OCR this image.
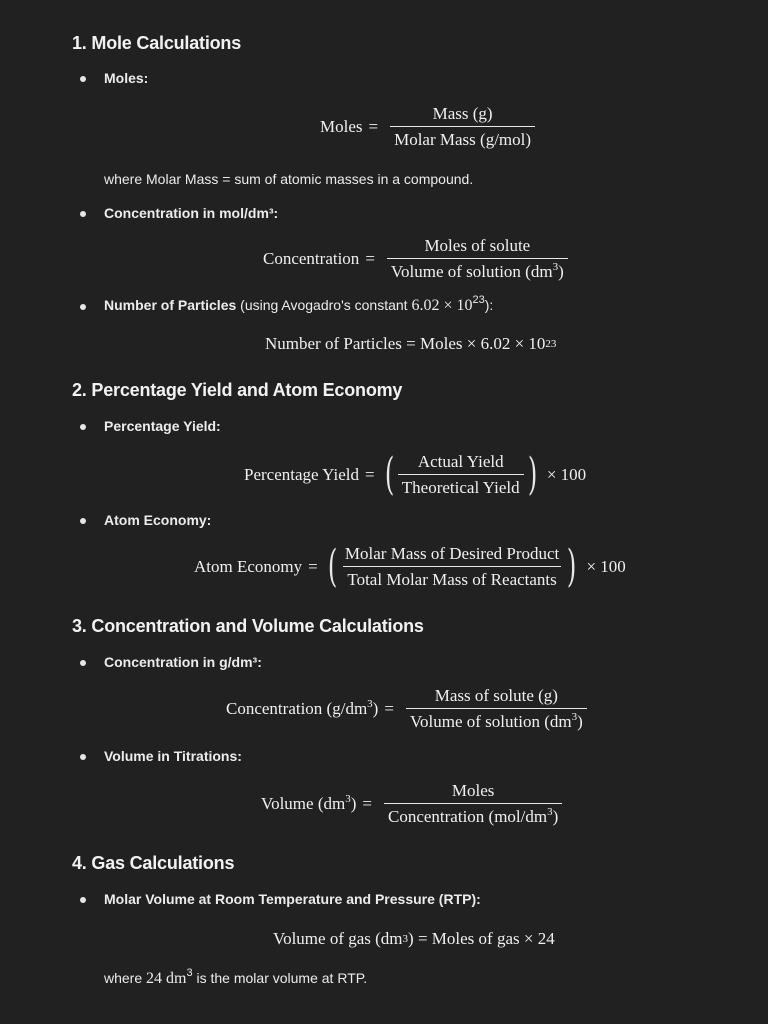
1. Mole Calculations
Moles:
Moles = $\frac{\text{Mass (g)}}{\text{Molar Mass (g/mol)}}$
where Molar Mass = sum of atomic masses in a compound.
Concentration in mol/dm³:
Concentration = $\frac{\text{Moles of solute}}{Volume of solution (dm^3)}$
Number of Particles (using Avogadro's constant $6.02 \times 10^{23}$):
Number of Particles = Moles × 6.02 × 10 23
2. Percentage Yield and Atom Economy
Percentage Yield:
Percentage Yield = ( $\frac{\text{Actual Yield}}{\text{Theoretical Yield}}$ ) × 100
Atom Economy:
Atom Economy = ( $\frac{\text{Molar Mass of Desired Product}}{\text{Total Molar Mass of Reactants}}$ ) × 100
3. Concentration and Volume Calculations
Concentration in g/dm³:
Concentration $(g/dm^3) = \frac{\text{Mass of solute (g)}}{Volume of solution (dm^3)}$
Volume in Titrations:
Volume $(dm^3) = \frac{\text{Moles}}{Concentration (mol/dm^3)}$
4. Gas Calculations
Molar Volume at Room Temperature and Pressure (RTP):
Volume of gas (dm 3 ) = Moles of gas × 24
where 24 $dm^3$ is the molar volume at RTP.
